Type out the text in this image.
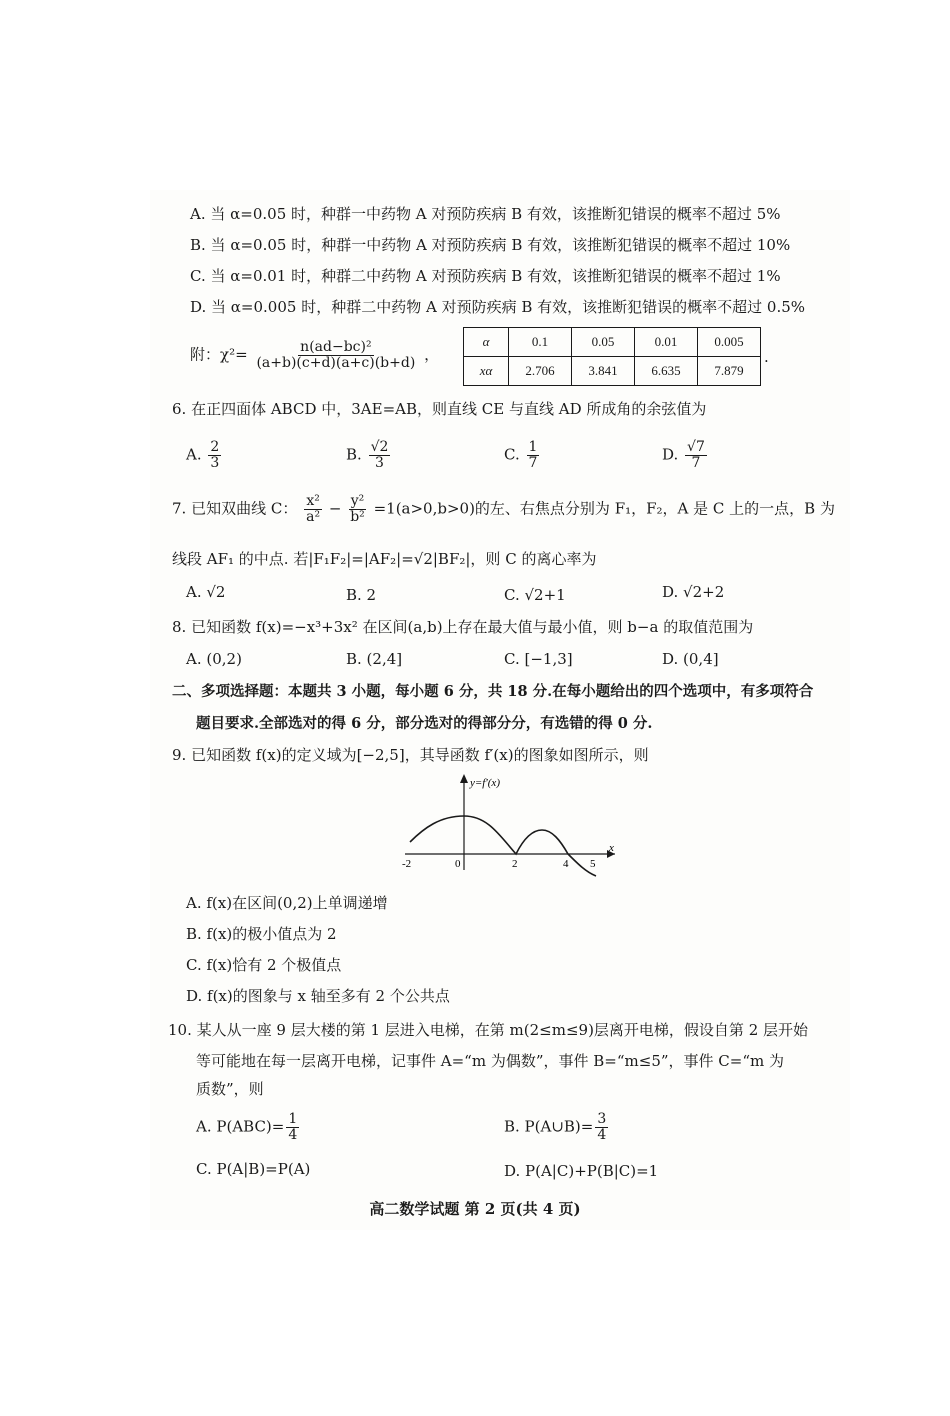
A. 当 α=0.05 时，种群一中药物 A 对预防疾病 B 有效，该推断犯错误的概率不超过 5%
B. 当 α=0.05 时，种群一中药物 A 对预防疾病 B 有效，该推断犯错误的概率不超过 10%
C. 当 α=0.01 时，种群二中药物 A 对预防疾病 B 有效，该推断犯错误的概率不超过 1%
D. 当 α=0.005 时，种群二中药物 A 对预防疾病 B 有效，该推断犯错误的概率不超过 0.5%
附：$\chi^2= \frac{\text{n(ad−bc)²}}{(a+b)(c+d)(a+c)(b+d)}$ ，
α	0.1	0.05	0.01	0.005
xα	2.706	3.841	6.635	7.879
.
6. 在正四面体 ABCD 中，3AE=AB，则直线 CE 与直线 AD 所成角的余弦值为
A. $\frac{2}{3}$	B. $\frac{√2}{3}$	C. $\frac{1}{7}$	D. $\frac{√7}{7}$
7. 已知双曲线 C： $\frac{\text{x²}}{\text{a²}} - \frac{\text{y²}}{\text{b²}} =1(a>0,b>0)$的左、右焦点分别为 F₁，F₂，A 是 C 上的一点，B 为
线段 AF₁ 的中点. 若|F₁F₂|=|AF₂|=√2|BF₂|，则 C 的离心率为
A. √2	B. 2	C. √2+1	D. √2+2
8. 已知函数 f(x)=−x³+3x² 在区间(a,b)上存在最大值与最小值，则 b−a 的取值范围为
A. (0,2)	B. (2,4]	C. [−1,3]	D. (0,4]
二、多项选择题：本题共 3 小题，每小题 6 分，共 18 分.在每小题给出的四个选项中，有多项符合
题目要求.全部选对的得 6 分，部分选对的得部分分，有选错的得 0 分.
9. 已知函数 f(x)的定义域为[−2,5]，其导函数 f′(x)的图象如图所示，则
y=f′(x)
x
-2	0	2	4 5
A. f(x)在区间(0,2)上单调递增
B. f(x)的极小值点为 2
C. f(x)恰有 2 个极值点
D. f(x)的图象与 x 轴至多有 2 个公共点
10. 某人从一座 9 层大楼的第 1 层进入电梯，在第 m(2≤m≤9)层离开电梯，假设自第 2 层开始
等可能地在每一层离开电梯，记事件 A=“m 为偶数”，事件 B=“m≤5”，事件 C=“m 为
质数”，则
A. $P(ABC)= \frac{1}{4}$	B. P(A∪B)= $\frac{3}{4}$
C. P(A|B)=P(A)	D. P(A|C)+P(B|C)=1
高二数学试题 第 2 页(共 4 页)
